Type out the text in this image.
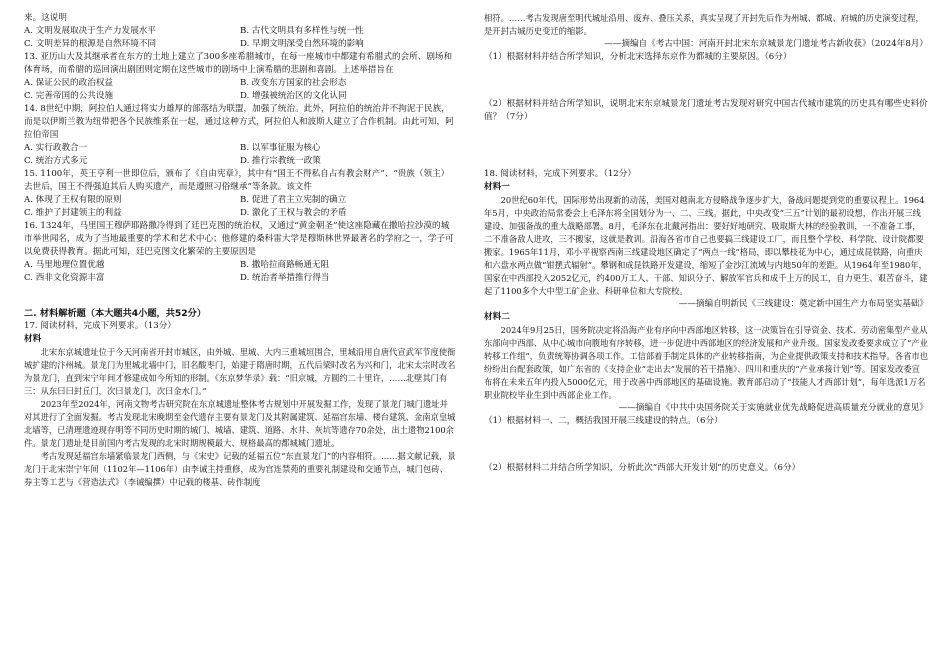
来。这说明

A. 文明发展取决于生产力发展水平	B. 古代文明具有多样性与统一性
C. 文明差异的根源是自然环境不同	D. 早期文明深受自然环境的影响

13. 亚历山大及其继承者在东方的土地上建立了300多座希腊城市，在每一座城市中都建有希腊式的会所、剧场和体育场，而希腊的巡回演出剧团则定期在这些城市的剧场中上演希腊的悲剧和喜剧。上述举措旨在

A. 保证公民的政治权益	B. 改变东方国家的社会形态
C. 完善帝国的公共设施	D. 增强被统治区的文化认同

14. 8世纪中期，阿拉伯人通过将实力雄厚的部落结为联盟，加强了统治。此外，阿拉伯的统治并不拘泥于民族，而是以伊斯兰教为纽带把各个民族维系在一起，通过这种方式，阿拉伯人和波斯人建立了合作机制。由此可知，阿拉伯帝国

A. 实行政教合一	B. 以军事征服为核心
C. 统治方式多元	D. 推行宗教统一政策

15. 1100年，英王亨利一世即位后，颁布了《自由宪章》，其中有“国王不得私自占有教会财产”、“贵族（领主）去世后，国王不得强迫其后人购买遗产，而是遵照习俗继承”等条款。该文件

A. 体现了王权有限的原则	B. 促进了君主立宪制的确立
C. 维护了封建领主的利益	D. 激化了王权与教会的矛盾

16. 1324年，马里国王穆萨耶路撒冷得到了廷巴克图的统治权，又通过“黄金朝圣”使这座隐藏在撒哈拉沙漠的城市举世闻名，成为了当地最重要的学术和艺术中心；他修建的桑科雷大学是穆斯林世界最著名的学府之一，学子可以免费获得教育。据此可知，廷巴克图文化繁荣的主要原因是

A. 马里地理位置优越	B. 撒哈拉商路畅通无阻
C. 西非文化资源丰富	D. 统治者举措推行得当

二. 材料解析题（本大题共4小题，共52分）

17. 阅读材料，完成下列要求。（13分）

材料

北宋东京城遗址位于今天河南省开封市城区，由外城、里城、大内三重城垣围合，里城沿用自唐代宣武军节度使衙城扩建的汴州城。景龙门为里城北墙中门，旧名酸枣门，始建于隋唐时期，五代后梁时改名为兴和门，北宋太宗时改名为景龙门，直到宋宁年间才修建成如今所知的形制。《东京梦华录》载：“旧京城，方圆约二十里许，……北壁其门有三：从东曰曰封丘门，次曰景龙门，次曰金水门。”

2023年至2024年，河南文物考古研究院在东京城遗址整体考古规划中开展发掘工作，发现了景龙门城门遗址并对其进行了全面发掘。考古发现北宋晚期至金代遗存主要有景龙门及其附属建筑、延福宫东墙、楼台建筑、金南京皇城北墙等，已清理遗迹现存明等不同历史时期的城门、城墙、建筑、道路、水井、灰坑等遗存70余处，出土遗物2100余件。景龙门遗址是目前国内考古发现的北宋时期规模最大、规格最高的都城城门遗址。

考古发现延福宫东墙紧临景龙门西侧，与《宋史》记载的延福五位“东直景龙门”的内容相符。……据文献记载，景龙门于北宋崇宁年间（1102年—1106年）由李诫主持重修，成为宫连禁苑的重要礼制建设和交通节点，城门包砖、券主等工艺与《营造法式》（李诫编撰）中记载的楼基、砖作制度

相符。……考古发现唐至明代城址沿用、废弃、叠压关系，真实呈现了开封先后作为州城、都城、府城的历史演变过程，是开封古城历史变迁的缩影。

——摘编自《考古中国：河南开封北宋东京城景龙门遗址考古新收获》（2024年8月）

（1）根据材料并结合所学知识，分析北宋选择东京作为都城的主要原因。（6分）

（2）根据材料并结合所学知识，说明北宋东京城景龙门遗址考古发现对研究中国古代城市建筑的历史具有哪些史料价值？（7分）

18. 阅读材料，完成下列要求。（12分）

材料一

20世纪60年代，国际形势出现新的动荡，美国对越南北方侵略战争逐步扩大，备战问题提到党的重要议程上。1964年5月，中央政治局常委会上毛泽东将全国划分为一、二、三线。据此，中央改变“三五”计划的最初设想，作出开展三线建设、加强备战的重大战略部署。8月，毛泽东在北戴河指出：要好好地研究、吸取斯大林的经验教训，一不准备工事，二不准备敌人进攻，三不搬家，这就是教训。沿海各省市自己也要搞三线建设工厂，而且整个学校、科学院、设计院都要搬家。1965年11月，邓小平视察西南三线建设地区确定了“两点一线”格局，即以攀枝花为中心，通过成昆铁路，向重庆和六盘水两点做“钳摆式辐射”。攀钢和成昆铁路开发建设，缩短了金沙江流域与内地50年的差距。从1964年至1980年，国家在中西部投入2052亿元，约400万工人、干部、知识分子、解放军官兵和成千上万的民工，自力更生、艰苦奋斗，建起了1100多个大中型工矿企业、科研单位和大专院校。

——摘编自明新民《三线建设：奠定新中国生产力布局坚实基础》

材料二

2024年9月25日，国务院决定将沿海产业有序向中西部地区转移，这一决策旨在引导资金、技术、劳动密集型产业从东部向中西部、从中心城市向腹地有序转移，进一步促进中西部地区的经济发展和产业升级。国家发改委要求成立了“产业转移工作组”，负责统筹协调各项工作。工信部着手制定具体的产业转移指南，为企业提供政策支持和技术指导。各省市也纷纷出台配套政策，如广东省的《支持企业“走出去”发展的若干措施》、四川和重庆的“产业承接计划”等。国家发改委宣布将在未来五年内投入5000亿元，用于改善中西部地区的基础设施。教育部启动了“技能人才西部计划”，每年选派1万名职业院校毕业生到中西部企业工作。

——摘编自《中共中央国务院关于实施就业优先战略促进高质量充分就业的意见》

（1）根据材料一、二，概括我国开展三线建设的特点。（6分）

（2）根据材料二并结合所学知识，分析此次“西部大开发计划”的历史意义。（6分）
